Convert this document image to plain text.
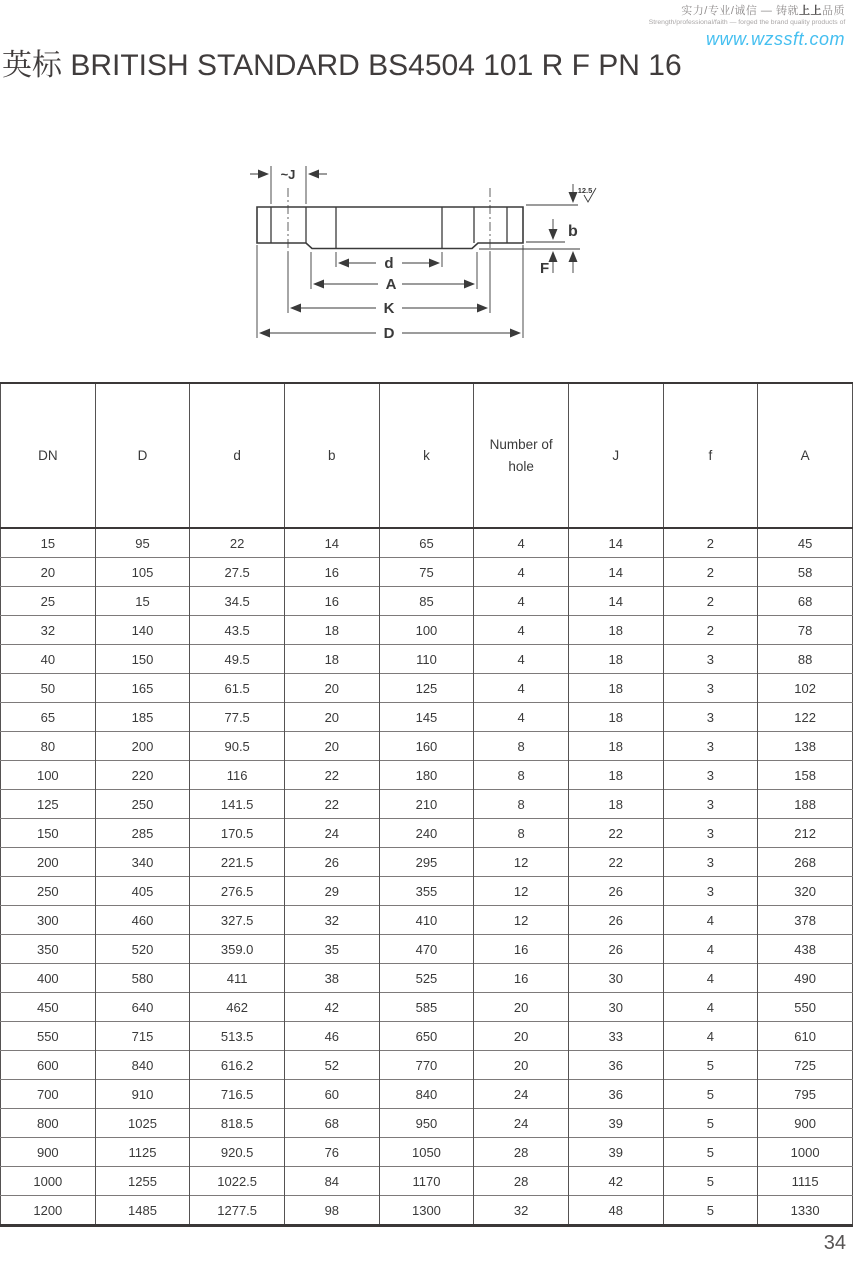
实力/专业/诚信 — 铸就上上品质
Strength/professional/faith — forged the brand quality products of
www.wzssft.com
英标 BRITISH STANDARD BS4504 101 R F PN 16
~J
12.5
b
F
d
A
K
D
DN	D	d	b	k	Number of hole	J	f	A
15	95	22	14	65	4	14	2	45
20	105	27.5	16	75	4	14	2	58
25	15	34.5	16	85	4	14	2	68
32	140	43.5	18	100	4	18	2	78
40	150	49.5	18	110	4	18	3	88
50	165	61.5	20	125	4	18	3	102
65	185	77.5	20	145	4	18	3	122
80	200	90.5	20	160	8	18	3	138
100	220	116	22	180	8	18	3	158
125	250	141.5	22	210	8	18	3	188
150	285	170.5	24	240	8	22	3	212
200	340	221.5	26	295	12	22	3	268
250	405	276.5	29	355	12	26	3	320
300	460	327.5	32	410	12	26	4	378
350	520	359.0	35	470	16	26	4	438
400	580	411	38	525	16	30	4	490
450	640	462	42	585	20	30	4	550
550	715	513.5	46	650	20	33	4	610
600	840	616.2	52	770	20	36	5	725
700	910	716.5	60	840	24	36	5	795
800	1025	818.5	68	950	24	39	5	900
900	1125	920.5	76	1050	28	39	5	1000
1000	1255	1022.5	84	1170	28	42	5	1115
1200	1485	1277.5	98	1300	32	48	5	1330
34
